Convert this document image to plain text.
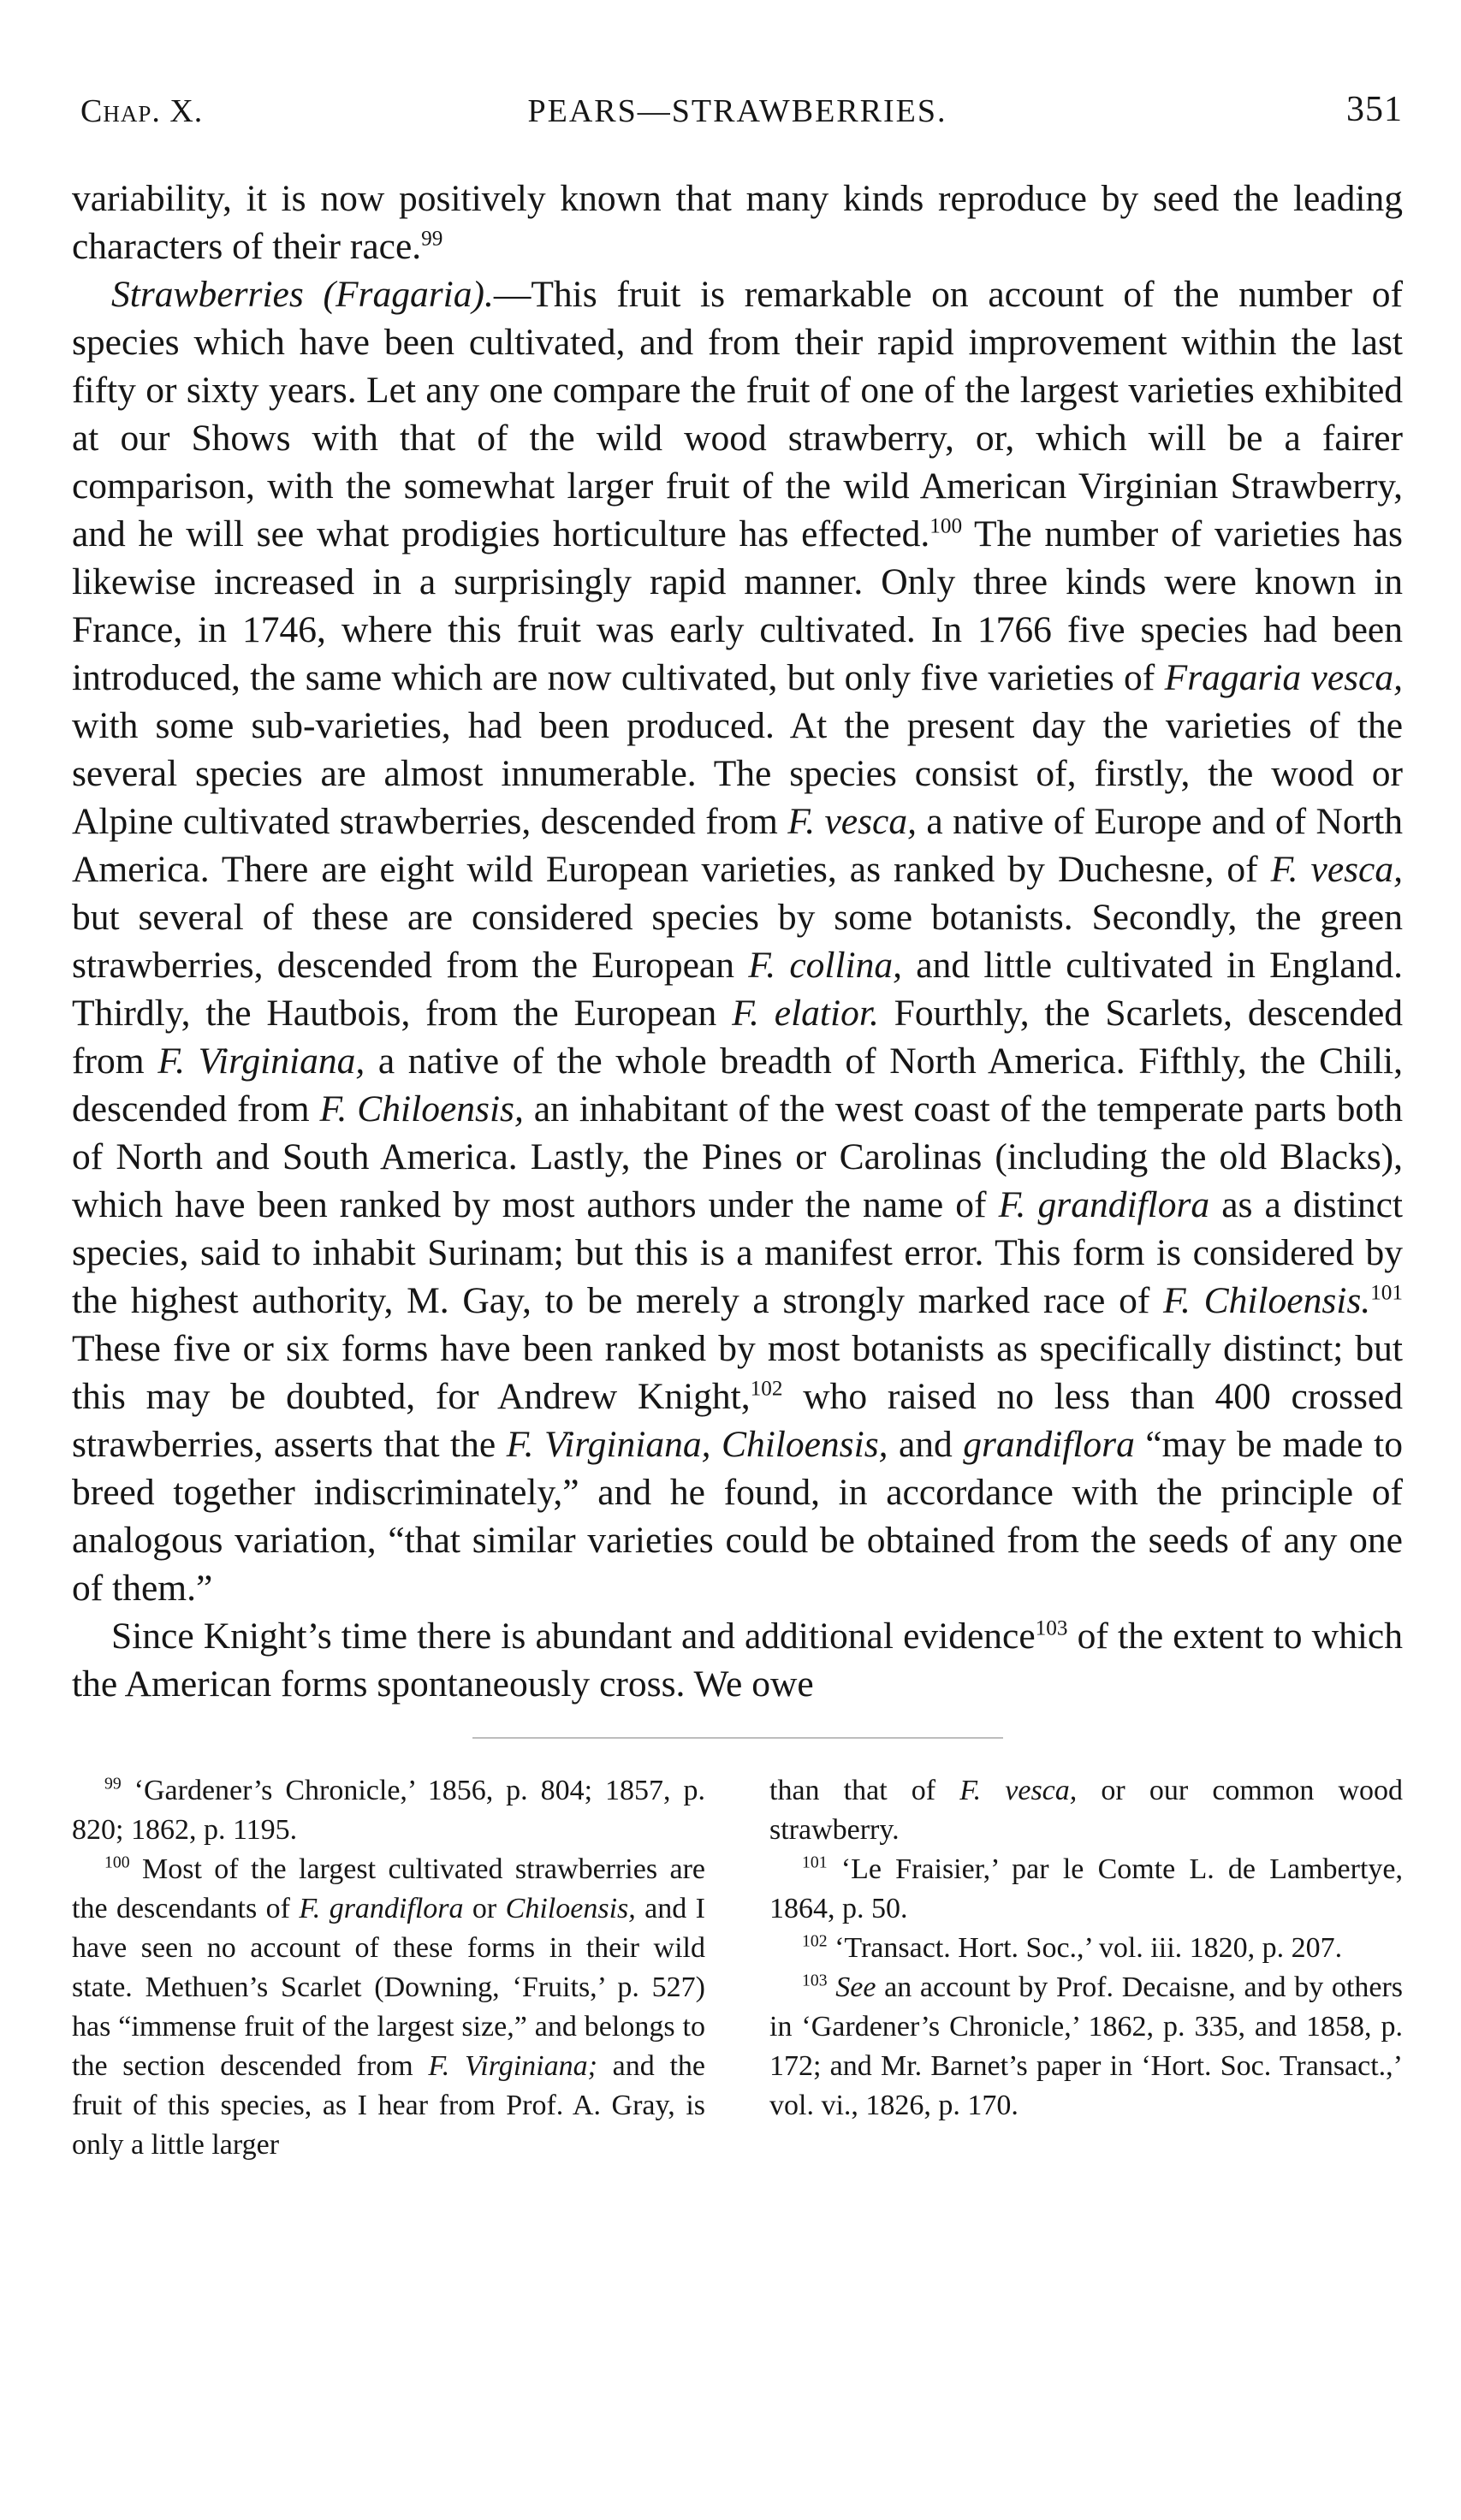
Chap. X.	PEARS—STRAWBERRIES.	351

variability, it is now positively known that many kinds reproduce by seed the leading characters of their race.$^{99}$

Strawberries (Fragaria).—This fruit is remarkable on account of the number of species which have been cultivated, and from their rapid improvement within the last fifty or sixty years. Let any one compare the fruit of one of the largest varieties exhibited at our Shows with that of the wild wood strawberry, or, which will be a fairer comparison, with the somewhat larger fruit of the wild American Virginian Strawberry, and he will see what prodigies horticulture has effected.$^{100}$ The number of varieties has likewise increased in a surprisingly rapid manner. Only three kinds were known in France, in 1746, where this fruit was early cultivated. In 1766 five species had been introduced, the same which are now cultivated, but only five varieties of Fragaria vesca, with some sub-varieties, had been produced. At the present day the varieties of the several species are almost innumerable. The species consist of, firstly, the wood or Alpine cultivated strawberries, descended from F. vesca, a native of Europe and of North America. There are eight wild European varieties, as ranked by Duchesne, of F. vesca, but several of these are considered species by some botanists. Secondly, the green strawberries, descended from the European F. collina, and little cultivated in England. Thirdly, the Hautbois, from the European F. elatior. Fourthly, the Scarlets, descended from F. Virginiana, a native of the whole breadth of North America. Fifthly, the Chili, descended from F. Chiloensis, an inhabitant of the west coast of the temperate parts both of North and South America. Lastly, the Pines or Carolinas (including the old Blacks), which have been ranked by most authors under the name of F. grandiflora as a distinct species, said to inhabit Surinam; but this is a manifest error. This form is considered by the highest authority, M. Gay, to be merely a strongly marked race of F. Chiloensis.$^{101}$ These five or six forms have been ranked by most botanists as specifically distinct; but this may be doubted, for Andrew Knight,$^{102}$ who raised no less than 400 crossed strawberries, asserts that the F. Virginiana, Chiloensis, and grandiflora “may be made to breed together indiscriminately,” and he found, in accordance with the principle of analogous variation, “that similar varieties could be obtained from the seeds of any one of them.”

Since Knight’s time there is abundant and additional evidence$^{103}$ of the extent to which the American forms spontaneously cross. We owe

$^{99}$ ‘Gardener’s Chronicle,’ 1856, p. 804; 1857, p. 820; 1862, p. 1195.

$^{100}$ Most of the largest cultivated strawberries are the descendants of F. grandiflora or Chiloensis, and I have seen no account of these forms in their wild state. Methuen’s Scarlet (Downing, ‘Fruits,’ p. 527) has “immense fruit of the largest size,” and belongs to the section descended from F. Virginiana; and the fruit of this species, as I hear from Prof. A. Gray, is only a little larger

than that of F. vesca, or our common wood strawberry.

$^{101}$ ‘Le Fraisier,’ par le Comte L. de Lambertye, 1864, p. 50.

$^{102}$ ‘Transact. Hort. Soc.,’ vol. iii. 1820, p. 207.

$^{103}$ See an account by Prof. Decaisne, and by others in ‘Gardener’s Chronicle,’ 1862, p. 335, and 1858, p. 172; and Mr. Barnet’s paper in ‘Hort. Soc. Transact.,’ vol. vi., 1826, p. 170.
